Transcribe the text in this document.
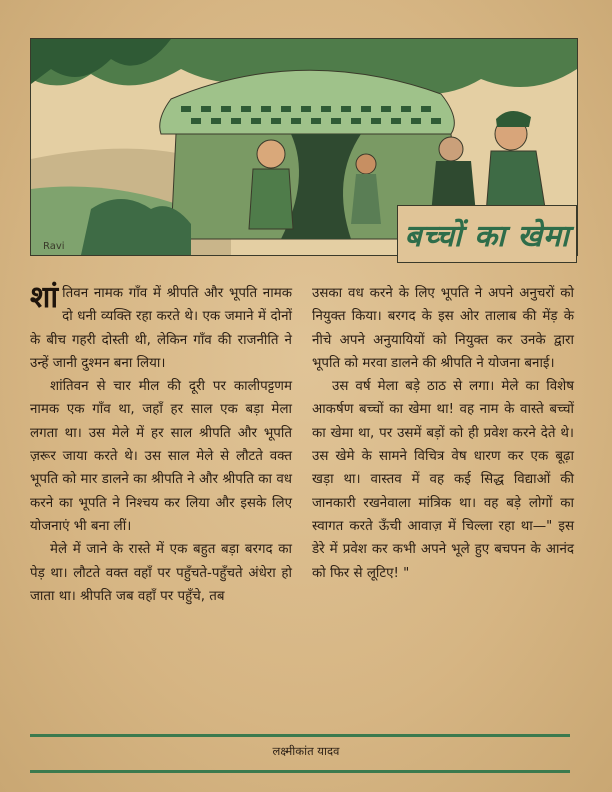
Ravi	बच्चों का खेमा

शांतिवन नामक गाँव में श्रीपति और भूपति नामक दो धनी व्यक्ति रहा करते थे। एक जमाने में दोनों के बीच गहरी दोस्ती थी, लेकिन गाँव की राजनीति ने उन्हें जानी दुश्मन बना लिया।

शांतिवन से चार मील की दूरी पर कालीपट्टणम नामक एक गाँव था, जहाँ हर साल एक बड़ा मेला लगता था। उस मेले में हर साल श्रीपति और भूपति ज़रूर जाया करते थे। उस साल मेले से लौटते वक्त भूपति को मार डालने का श्रीपति ने और श्रीपति का वध करने का भूपति ने निश्चय कर लिया और इसके लिए योजनाएं भी बना लीं।

मेले में जाने के रास्ते में एक बहुत बड़ा बरगद का पेड़ था। लौटते वक्त वहाँ पर पहुँचते-पहुँचते अंधेरा हो जाता था। श्रीपति जब वहाँ पर पहुँचे, तब

उसका वध करने के लिए भूपति ने अपने अनुचरों को नियुक्त किया। बरगद के इस ओर तालाब की मेंड़ के नीचे अपने अनुयायियों को नियुक्त कर उनके द्वारा भूपति को मरवा डालने की श्रीपति ने योजना बनाई।

उस वर्ष मेला बड़े ठाठ से लगा। मेले का विशेष आकर्षण बच्चों का खेमा था! वह नाम के वास्ते बच्चों का खेमा था, पर उसमें बड़ों को ही प्रवेश करने देते थे। उस खेमे के सामने विचित्र वेष धारण कर एक बूढ़ा खड़ा था। वास्तव में वह कई सिद्ध विद्याओं की जानकारी रखनेवाला मांत्रिक था। वह बड़े लोगों का स्वागत करते ऊँची आवाज़ में चिल्ला रहा था—" इस डेरे में प्रवेश कर कभी अपने भूले हुए बचपन के आनंद को फिर से लूटिए! "

लक्ष्मीकांत यादव
